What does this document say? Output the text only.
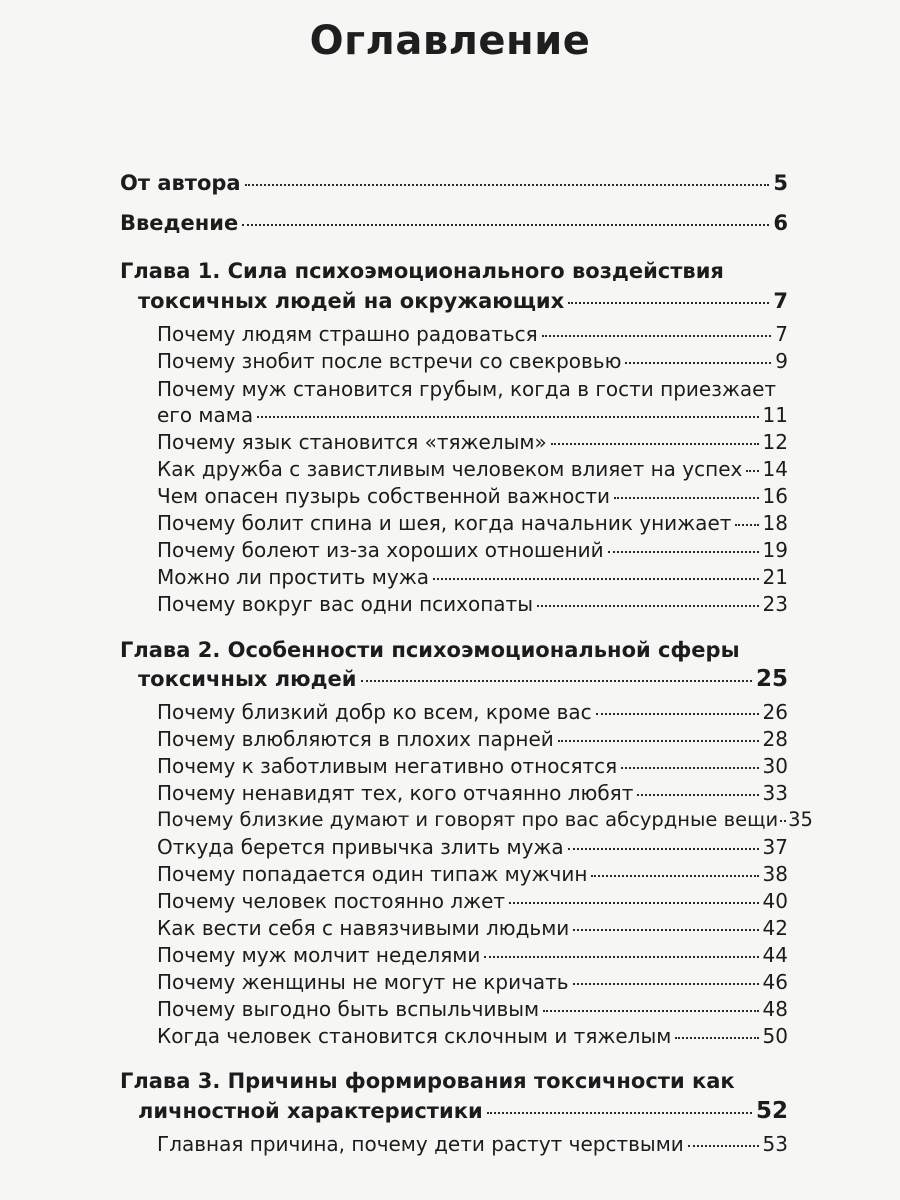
Оглавление
От автора	5
Введение	6
Глава 1. Сила психоэмоционального воздействия
токсичных людей на окружающих	7
Почему людям страшно радоваться	7
Почему знобит после встречи со свекровью	9
Почему муж становится грубым, когда в гости приезжает
его мама	11
Почему язык становится «тяжелым»	12
Как дружба с завистливым человеком влияет на успех 14
Чем опасен пузырь собственной важности	16
Почему болит спина и шея, когда начальник унижает 18
Почему болеют из-за хороших отношений	19
Можно ли простить мужа	21
Почему вокруг вас одни психопаты	23
Глава 2. Особенности психоэмоциональной сферы
токсичных людей	25
Почему близкий добр ко всем, кроме вас	26
Почему влюбляются в плохих парней	28
Почему к заботливым негативно относятся	30
Почему ненавидят тех, кого отчаянно любят	33
Почему близкие думают и говорят про вас абсурдные вещи 35
Откуда берется привычка злить мужа	37
Почему попадается один типаж мужчин	38
Почему человек постоянно лжет	40
Как вести себя с навязчивыми людьми	42
Почему муж молчит неделями	44
Почему женщины не могут не кричать	46
Почему выгодно быть вспыльчивым	48
Когда человек становится склочным и тяжелым	50
Глава 3. Причины формирования токсичности как
личностной характеристики	52
Главная причина, почему дети растут черствыми	53
